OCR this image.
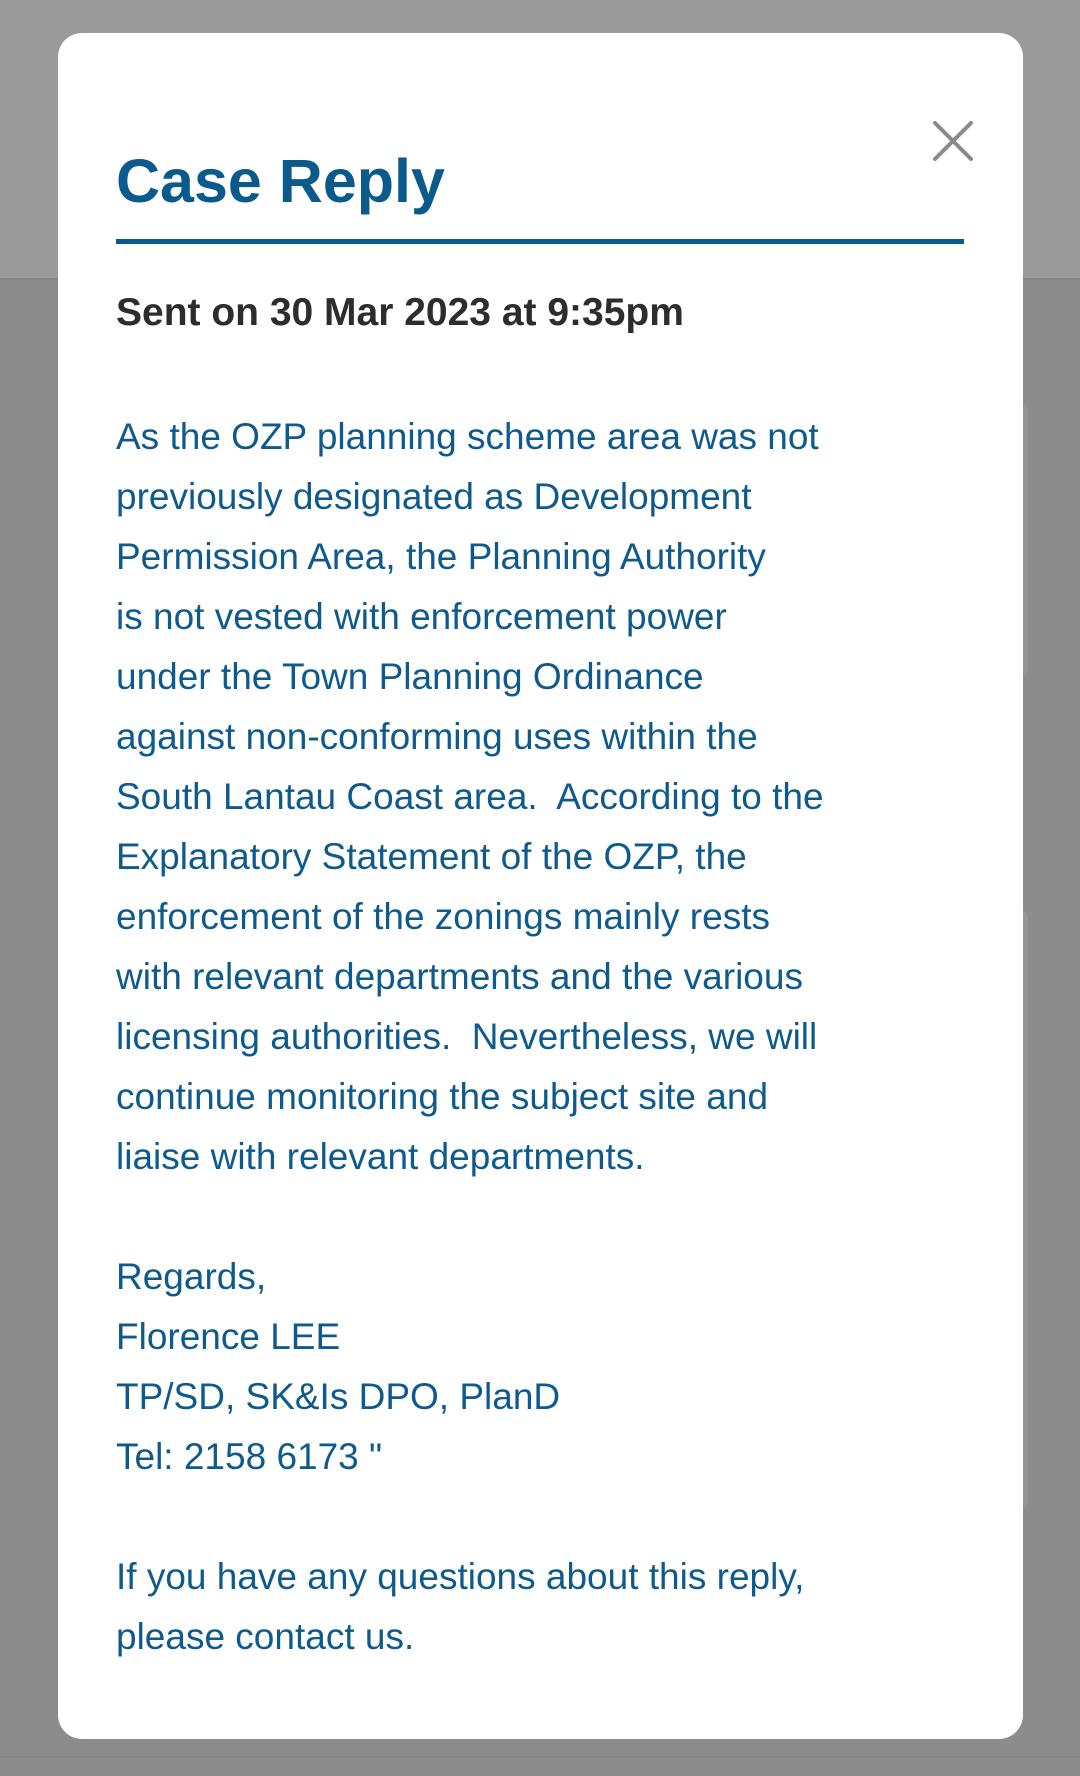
Case Reply

Sent on 30 Mar 2023 at 9:35pm

As the OZP planning scheme area was not
previously designated as Development
Permission Area, the Planning Authority
is not vested with enforcement power
under the Town Planning Ordinance
against non-conforming uses within the
South Lantau Coast area.  According to the
Explanatory Statement of the OZP, the
enforcement of the zonings mainly rests
with relevant departments and the various
licensing authorities.  Nevertheless, we will
continue monitoring the subject site and
liaise with relevant departments.
Regards,
Florence LEE
TP/SD, SK&Is DPO, PlanD
Tel: 2158 6173 "
If you have any questions about this reply,
please contact us.
